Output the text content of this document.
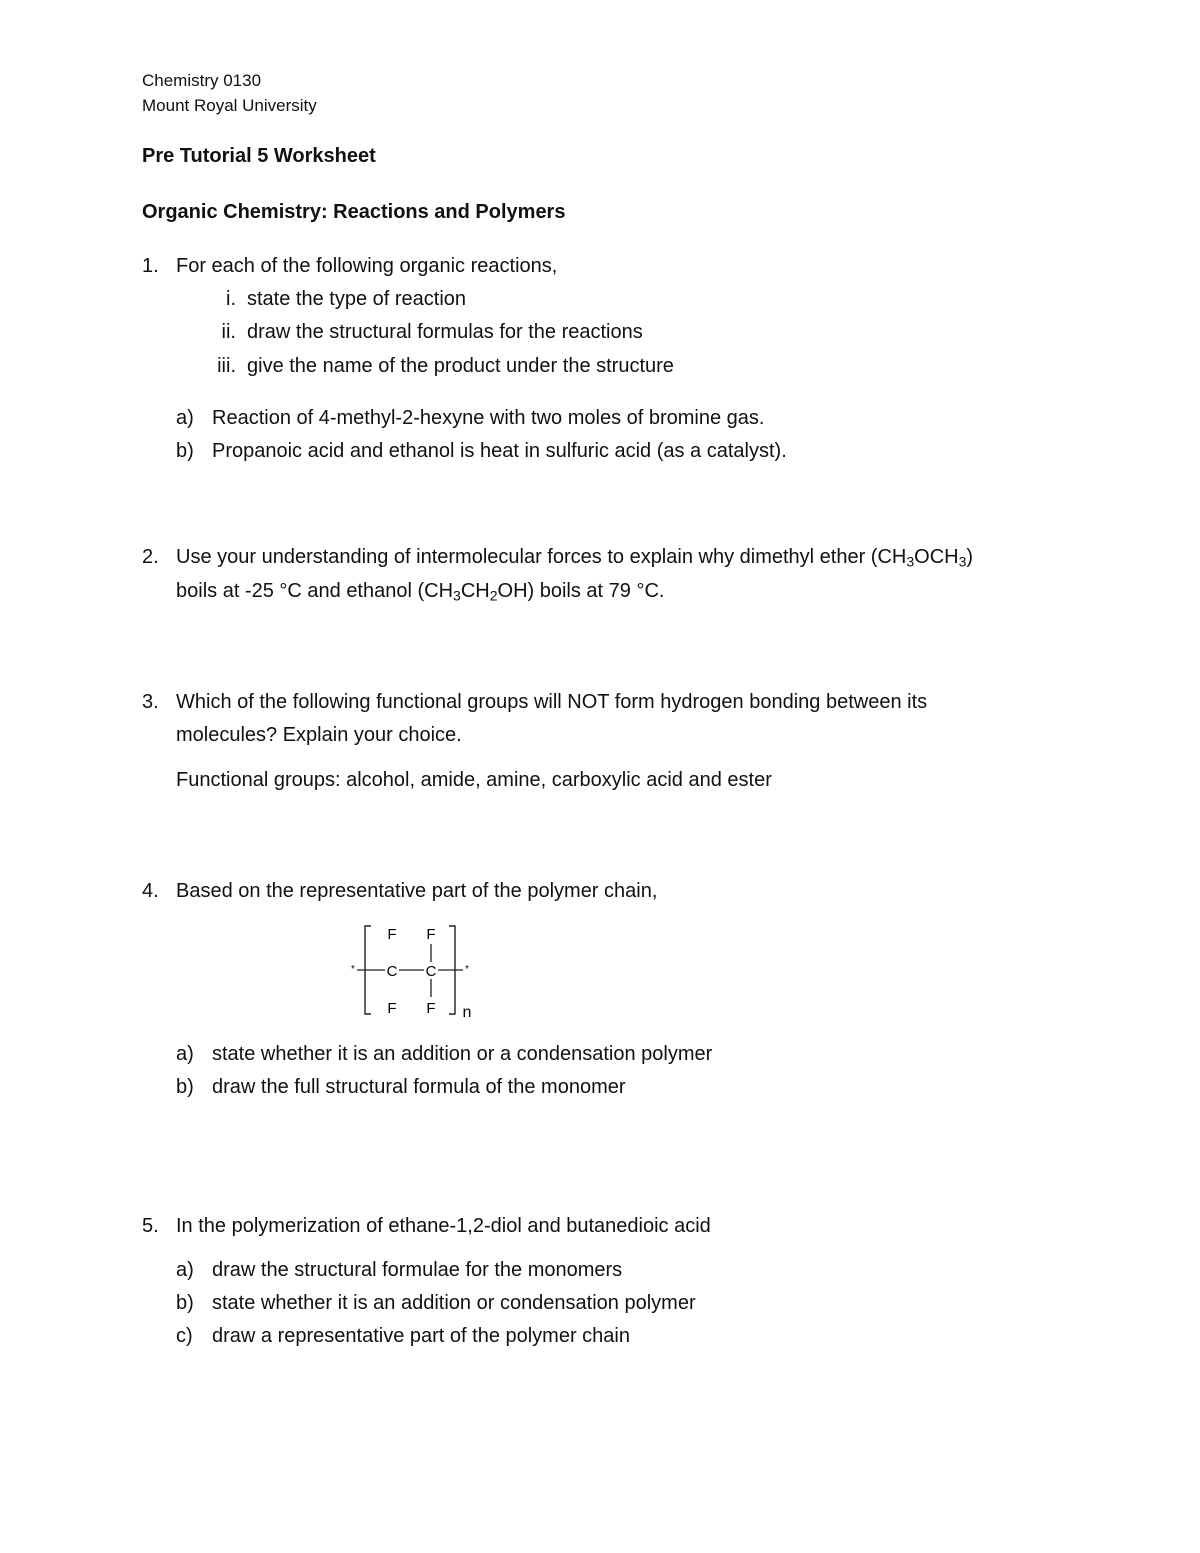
Chemistry 0130
Mount Royal University
Pre Tutorial 5 Worksheet
Organic Chemistry: Reactions and Polymers
1. For each of the following organic reactions,
i. state the type of reaction
ii. draw the structural formulas for the reactions
iii. give the name of the product under the structure
a) Reaction of 4-methyl-2-hexyne with two moles of bromine gas.
b) Propanoic acid and ethanol is heat in sulfuric acid (as a catalyst).
2. Use your understanding of intermolecular forces to explain why dimethyl ether $(CH_3OCH_3)$
boils at -25 °C and ethanol $(CH_3CH_2OH)$ boils at 79 °C.
3. Which of the following functional groups will NOT form hydrogen bonding between its
molecules? Explain your choice.
Functional groups: alcohol, amide, amine, carboxylic acid and ester
4. Based on the representative part of the polymer chain,
F F
*	*
C C
F F n
a) state whether it is an addition or a condensation polymer
b) draw the full structural formula of the monomer
5. In the polymerization of ethane-1,2-diol and butanedioic acid
a) draw the structural formulae for the monomers
b) state whether it is an addition or condensation polymer
c) draw a representative part of the polymer chain
